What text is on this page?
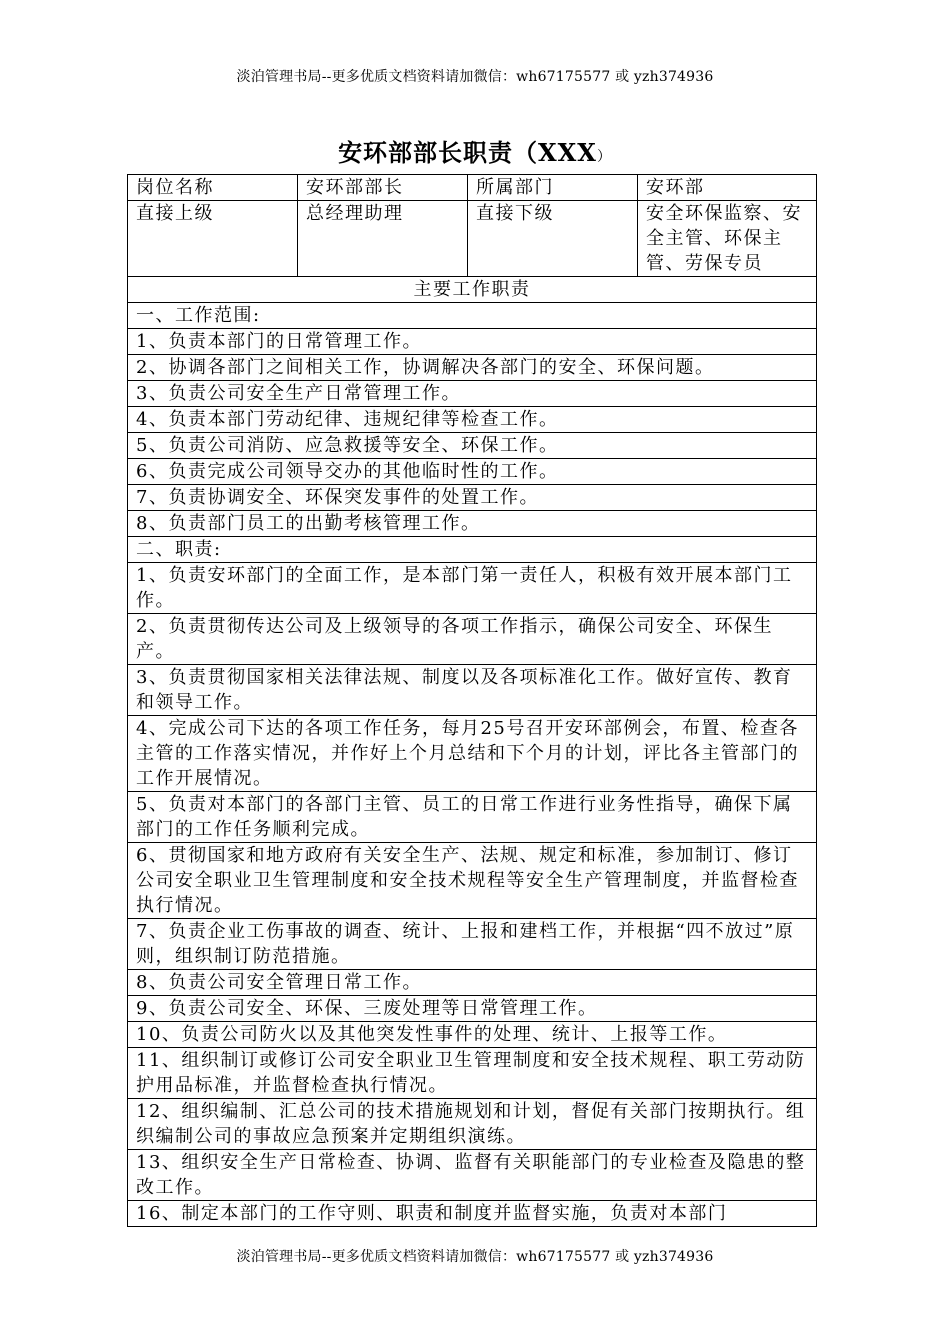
淡泊管理书局--更多优质文档资料请加微信：wh67175577 或 yzh374936
安环部部长职责（XXX）
岗位名称	安环部部长	所属部门	安环部
直接上级	总经理助理	直接下级	安全环保监察、安全主管、环保主管、劳保专员
主要工作职责			
一、工作范围:			
1、负责本部门的日常管理工作。			
2、协调各部门之间相关工作，协调解决各部门的安全、环保问题。			
3、负责公司安全生产日常管理工作。			
4、负责本部门劳动纪律、违规纪律等检查工作。			
5、负责公司消防、应急救援等安全、环保工作。			
6、负责完成公司领导交办的其他临时性的工作。			
7、负责协调安全、环保突发事件的处置工作。			
8、负责部门员工的出勤考核管理工作。			
二、职责:			
1、负责安环部门的全面工作，是本部门第一责任人，积极有效开展本部门工作。			
2、负责贯彻传达公司及上级领导的各项工作指示，确保公司安全、环保生产。			
3、负责贯彻国家相关法律法规、制度以及各项标准化工作。做好宣传、教育和领导工作。			
4、完成公司下达的各项工作任务，每月25号召开安环部例会，布置、检查各主管的工作落实情况，并作好上个月总结和下个月的计划，评比各主管部门的工作开展情况。			
5、负责对本部门的各部门主管、员工的日常工作进行业务性指导，确保下属部门的工作任务顺利完成。			
6、贯彻国家和地方政府有关安全生产、法规、规定和标准，参加制订、修订公司安全职业卫生管理制度和安全技术规程等安全生产管理制度，并监督检查执行情况。			
7、负责企业工伤事故的调查、统计、上报和建档工作，并根据“四不放过”原则，组织制订防范措施。			
8、负责公司安全管理日常工作。			
9、负责公司安全、环保、三废处理等日常管理工作。			
10、负责公司防火以及其他突发性事件的处理、统计、上报等工作。			
11、组织制订或修订公司安全职业卫生管理制度和安全技术规程、职工劳动防护用品标准，并监督检查执行情况。			
12、组织编制、汇总公司的技术措施规划和计划，督促有关部门按期执行。组织编制公司的事故应急预案并定期组织演练。			
13、组织安全生产日常检查、协调、监督有关职能部门的专业检查及隐患的整改工作。			
16、制定本部门的工作守则、职责和制度并监督实施，负责对本部门			
淡泊管理书局--更多优质文档资料请加微信：wh67175577 或 yzh374936
